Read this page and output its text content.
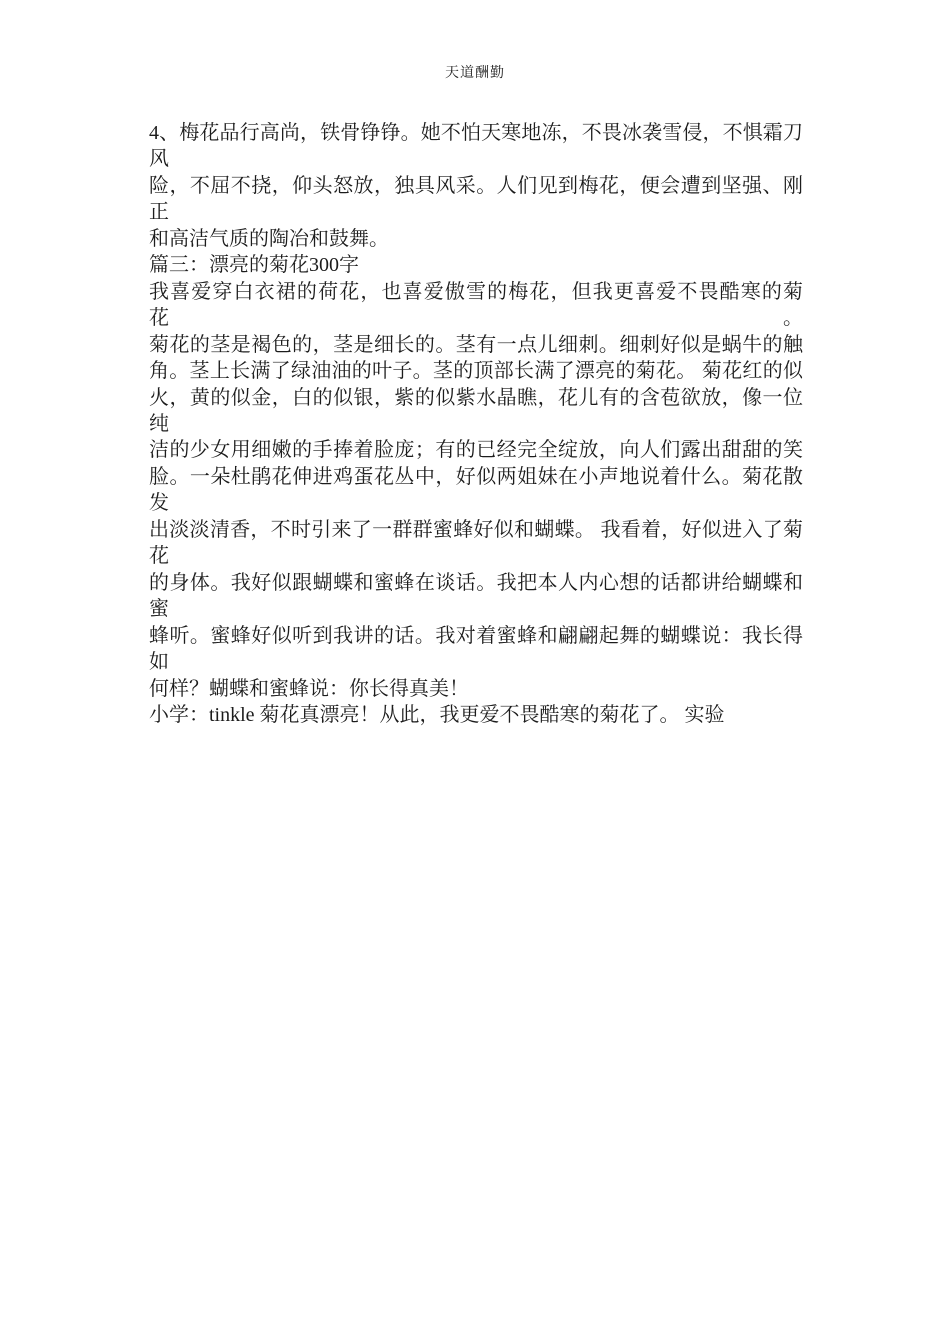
天道酬勤
4、梅花品行高尚，铁骨铮铮。她不怕天寒地冻，不畏冰袭雪侵，不惧霜刀风
险，不屈不挠，仰头怒放，独具风采。人们见到梅花，便会遭到坚强、刚正
和高洁气质的陶冶和鼓舞。
篇三：漂亮的菊花300字
我喜爱穿白衣裙的荷花，也喜爱傲雪的梅花，但我更喜爱不畏酷寒的菊花。
菊花的茎是褐色的，茎是细长的。茎有一点儿细刺。细刺好似是蜗牛的触
角。茎上长满了绿油油的叶子。茎的顶部长满了漂亮的菊花。 菊花红的似
火，黄的似金，白的似银，紫的似紫水晶瞧，花儿有的含苞欲放，像一位纯
洁的少女用细嫩的手捧着脸庞；有的已经完全绽放，向人们露出甜甜的笑
脸。一朵杜鹃花伸进鸡蛋花丛中，好似两姐妹在小声地说着什么。菊花散发
出淡淡清香，不时引来了一群群蜜蜂好似和蝴蝶。 我看着，好似进入了菊花
的身体。我好似跟蝴蝶和蜜蜂在谈话。我把本人内心想的话都讲给蝴蝶和蜜
蜂听。蜜蜂好似听到我讲的话。我对着蜜蜂和翩翩起舞的蝴蝶说：我长得如
何样？蝴蝶和蜜蜂说：你长得真美！
小学：tinkle 菊花真漂亮！从此，我更爱不畏酷寒的菊花了。 实验
